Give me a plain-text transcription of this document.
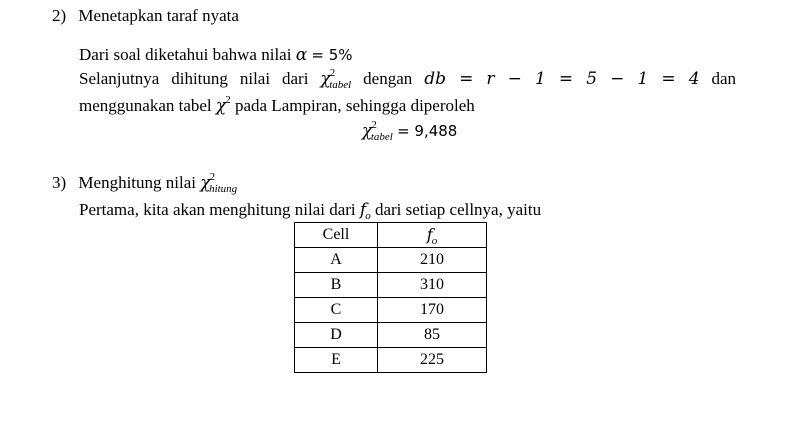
2) Menetapkan taraf nyata
Dari soal diketahui bahwa nilai α = 5%
Selanjutnya dihitung nilai dari $\chi^2_{tabel}$ dengan db = r − 1 = 5 − 1 = 4 dan
menggunakan tabel $\chi^2$ pada Lampiran, sehingga diperoleh
$\chi^2_{tabel} = 9,488$
3) Menghitung nilai $\chi^2_{hitung}$
Pertama, kita akan menghitung nilai dari $f_o$ dari setiap cellnya, yaitu
Cell	$f_o$
A	210
B	310
C	170
D	85
E	225
